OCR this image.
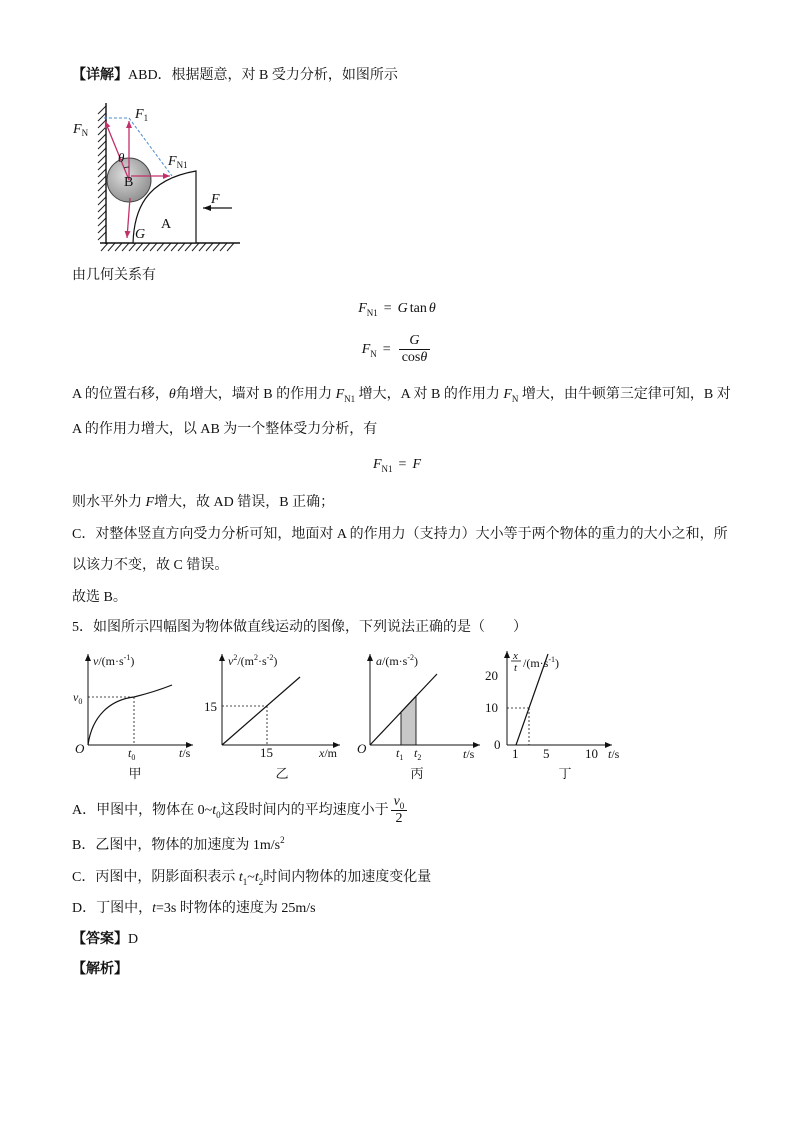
【详解】ABD．根据题意，对 B 受力分析，如图所示
$F_N$
$F_1$
$F_{N1}$
θ
B
A
G
F
由几何关系有
$F_{N1} = G$ tan θ
$F_N = \frac{G}{\cos\theta}$
A 的位置右移，θ角增大，墙对 B 的作用力 $F_{N1}$ 增大，A 对 B 的作用力 $F_N$ 增大，由牛顿第三定律可知，B 对
A 的作用力增大，以 AB 为一个整体受力分析，有
$F_{N1} = F$
则水平外力 F增大，故 AD 错误，B 正确；
C．对整体竖直方向受力分析可知，地面对 A 的作用力（支持力）大小等于两个物体的重力的大小之和，所
以该力不变，故 C 错误。
故选 B。
5．如图所示四幅图为物体做直线运动的图像，下列说法正确的是（　　）
$v/(m\cdot s^{-1})$
$v_0$
O	$t_0$	t/s
甲
$v^2/(m^2\cdot s^{-2})$
15
15	x/m
乙
$a/(m\cdot s^{-2})$
O $t_1$ $t_2$	t/s
丙
x
t $/(m\cdot s^{-1})$
20
10
0
1 5	10 t/s
丁
A．甲图中，物体在 $0\sim t_0$这段时间内的平均速度小于 $\frac{v_0}{2}$
B．乙图中，物体的加速度为 $1m/s^2$
C．丙图中，阴影面积表示 $t_1\sim t_2$时间内物体的加速度变化量
D．丁图中，t=3s 时物体的速度为 25m/s
【答案】D
【解析】
